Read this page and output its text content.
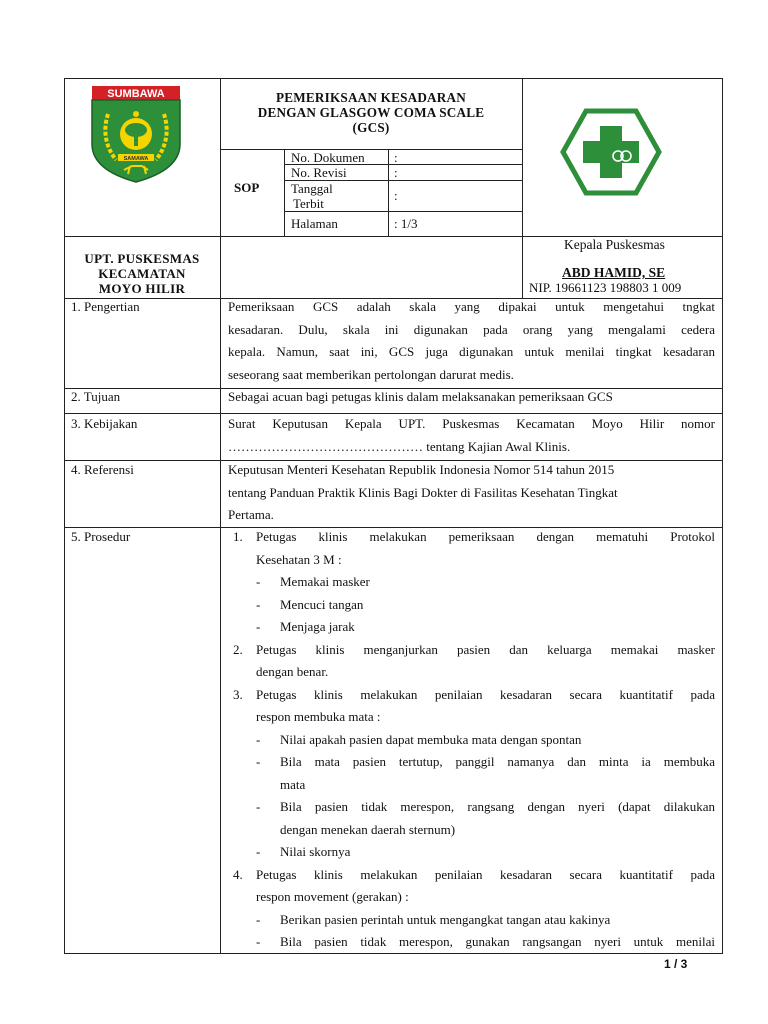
SUMBAWA
SAMAWA
PEMERIKSAAN KESADARAN
DENGAN GLASGOW COMA SCALE
(GCS)
SOP
No. Dokumen :
No. Revisi	:
Tanggal
Terbit
:
Halaman	: 1/3
UPT. PUSKESMAS
KECAMATAN
MOYO HILIR
Kepala Puskesmas
ABD HAMID, SE
NIP. 19661123 198803 1 009
1. Pengertian	Pemeriksaan GCS adalah skala yang dipakai untuk mengetahui tngkat
kesadaran. Dulu, skala ini digunakan pada orang yang mengalami cedera
kepala. Namun, saat ini, GCS juga digunakan untuk menilai tingkat kesadaran
seseorang saat memberikan pertolongan darurat medis.
2. Tujuan	Sebagai acuan bagi petugas klinis dalam melaksanakan pemeriksaan GCS
3. Kebijakan	Surat Keputusan Kepala UPT. Puskesmas Kecamatan Moyo Hilir nomor
……………………………………… tentang Kajian Awal Klinis.
4. Referensi	Keputusan Menteri Kesehatan Republik Indonesia Nomor 514 tahun 2015
tentang Panduan Praktik Klinis Bagi Dokter di Fasilitas Kesehatan Tingkat
Pertama.
5. Prosedur	1. Petugas klinis melakukan pemeriksaan dengan mematuhi Protokol
Kesehatan 3 M :
- Memakai masker
- Mencuci tangan
- Menjaga jarak
2. Petugas klinis menganjurkan pasien dan keluarga memakai masker
dengan benar.
3. Petugas klinis melakukan penilaian kesadaran secara kuantitatif pada
respon membuka mata :
- Nilai apakah pasien dapat membuka mata dengan spontan
- Bila mata pasien tertutup, panggil namanya dan minta ia membuka
mata
- Bila pasien tidak merespon, rangsang dengan nyeri (dapat dilakukan
dengan menekan daerah sternum)
- Nilai skornya
4. Petugas klinis melakukan penilaian kesadaran secara kuantitatif pada
respon movement (gerakan) :
- Berikan pasien perintah untuk mengangkat tangan atau kakinya
- Bila pasien tidak merespon, gunakan rangsangan nyeri untuk menilai
1 / 3
